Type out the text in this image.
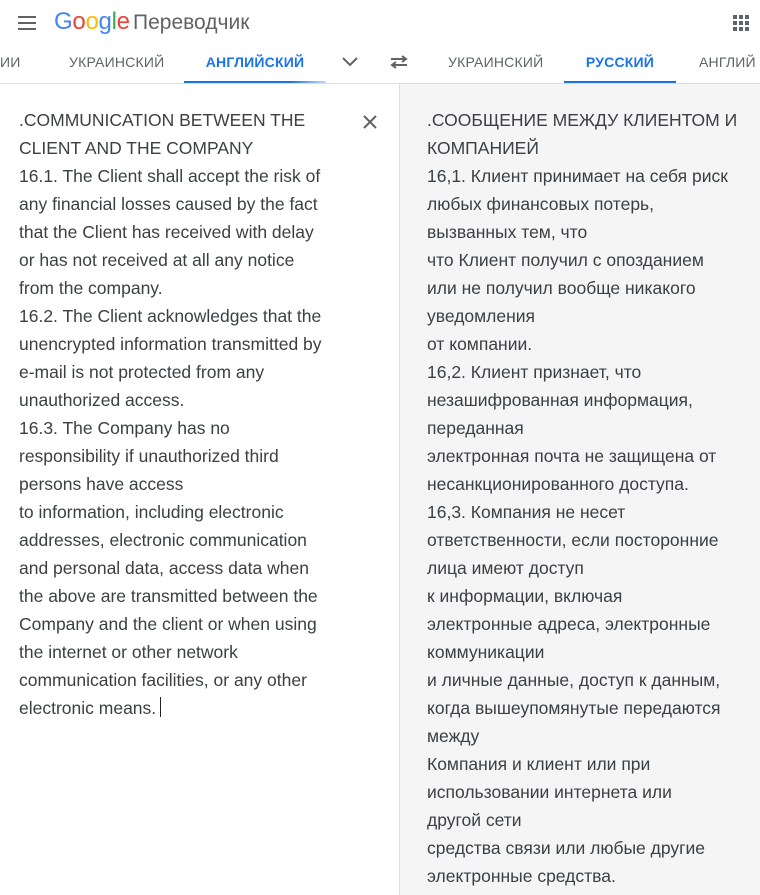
Google Переводчик
ИИ	УКРАИНСКИЙ	АНГЛИЙСКИЙ	УКРАИНСКИЙ	РУССКИЙ	АНГЛИЙ
.COMMUNICATION BETWEEN THE
CLIENT AND THE COMPANY
16.1. The Client shall accept the risk of
any financial losses caused by the fact
that the Client has received with delay
or has not received at all any notice
from the company.
16.2. The Client acknowledges that the
unencrypted information transmitted by
e-mail is not protected from any
unauthorized access.
16.3. The Company has no
responsibility if unauthorized third
persons have access
to information, including electronic
addresses, electronic communication
and personal data, access data when
the above are transmitted between the
Company and the client or when using
the internet or other network
communication facilities, or any other
electronic means.
.СООБЩЕНИЕ МЕЖДУ КЛИЕНТОМ И
КОМПАНИЕЙ
16,1. Клиент принимает на себя риск
любых финансовых потерь,
вызванных тем, что
что Клиент получил с опозданием
или не получил вообще никакого
уведомления
от компании.
16,2. Клиент признает, что
незашифрованная информация,
переданная
электронная почта не защищена от
несанкционированного доступа.
16,3. Компания не несет
ответственности, если посторонние
лица имеют доступ
к информации, включая
электронные адреса, электронные
коммуникации
и личные данные, доступ к данным,
когда вышеупомянутые передаются
между
Компания и клиент или при
использовании интернета или
другой сети
средства связи или любые другие
электронные средства.
